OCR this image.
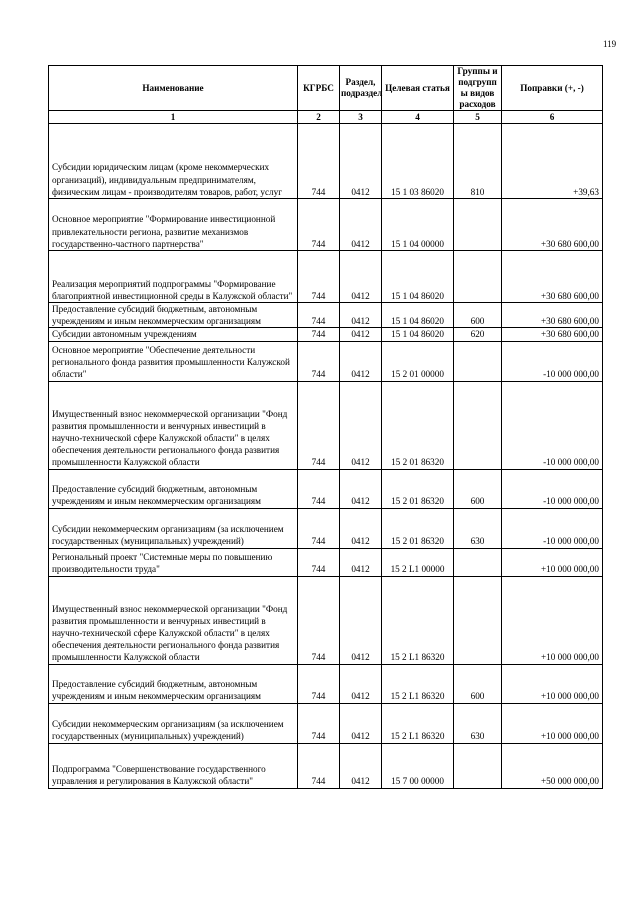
119
Наименование	КГРБС	Раздел, подраздел	Целевая статья	Группы и подгрупп ы видов расходов	Поправки (+, -)
1	2	3	4	5	6
Субсидии юридическим лицам (кроме некоммерческих организаций), индивидуальным предпринимателям, физическим лицам - производителям товаров, работ, услуг	744	0412	15 1 03 86020	810	+39,63
Основное мероприятие "Формирование инвестиционной привлекательности региона, развитие механизмов государственно-частного партнерства"	744	0412	15 1 04 00000		+30 680 600,00
Реализация мероприятий подпрограммы "Формирование благоприятной инвестиционной среды в Калужской области"	744	0412	15 1 04 86020		+30 680 600,00
Предоставление субсидий бюджетным, автономным учреждениям и иным некоммерческим организациям	744	0412	15 1 04 86020	600	+30 680 600,00
Субсидии автономным учреждениям	744	0412	15 1 04 86020	620	+30 680 600,00
Основное мероприятие "Обеспечение деятельности регионального фонда развития промышленности Калужской области"	744	0412	15 2 01 00000		-10 000 000,00
Имущественный взнос некоммерческой организации "Фонд развития промышленности и венчурных инвестиций в научно-технической сфере Калужской области" в целях обеспечения деятельности регионального фонда развития промышленности Калужской области	744	0412	15 2 01 86320		-10 000 000,00
Предоставление субсидий бюджетным, автономным учреждениям и иным некоммерческим организациям	744	0412	15 2 01 86320	600	-10 000 000,00
Субсидии некоммерческим организациям (за исключением государственных (муниципальных) учреждений)	744	0412	15 2 01 86320	630	-10 000 000,00
Региональный проект "Системные меры по повышению производительности труда"	744	0412	15 2 L1 00000		+10 000 000,00
Имущественный взнос некоммерческой организации "Фонд развития промышленности и венчурных инвестиций в научно-технической сфере Калужской области" в целях обеспечения деятельности регионального фонда развития промышленности Калужской области	744	0412	15 2 L1 86320		+10 000 000,00
Предоставление субсидий бюджетным, автономным учреждениям и иным некоммерческим организациям	744	0412	15 2 L1 86320	600	+10 000 000,00
Субсидии некоммерческим организациям (за исключением государственных (муниципальных) учреждений)	744	0412	15 2 L1 86320	630	+10 000 000,00
Подпрограмма "Совершенствование государственного управления и регулирования в Калужской области"	744	0412	15 7 00 00000		+50 000 000,00
